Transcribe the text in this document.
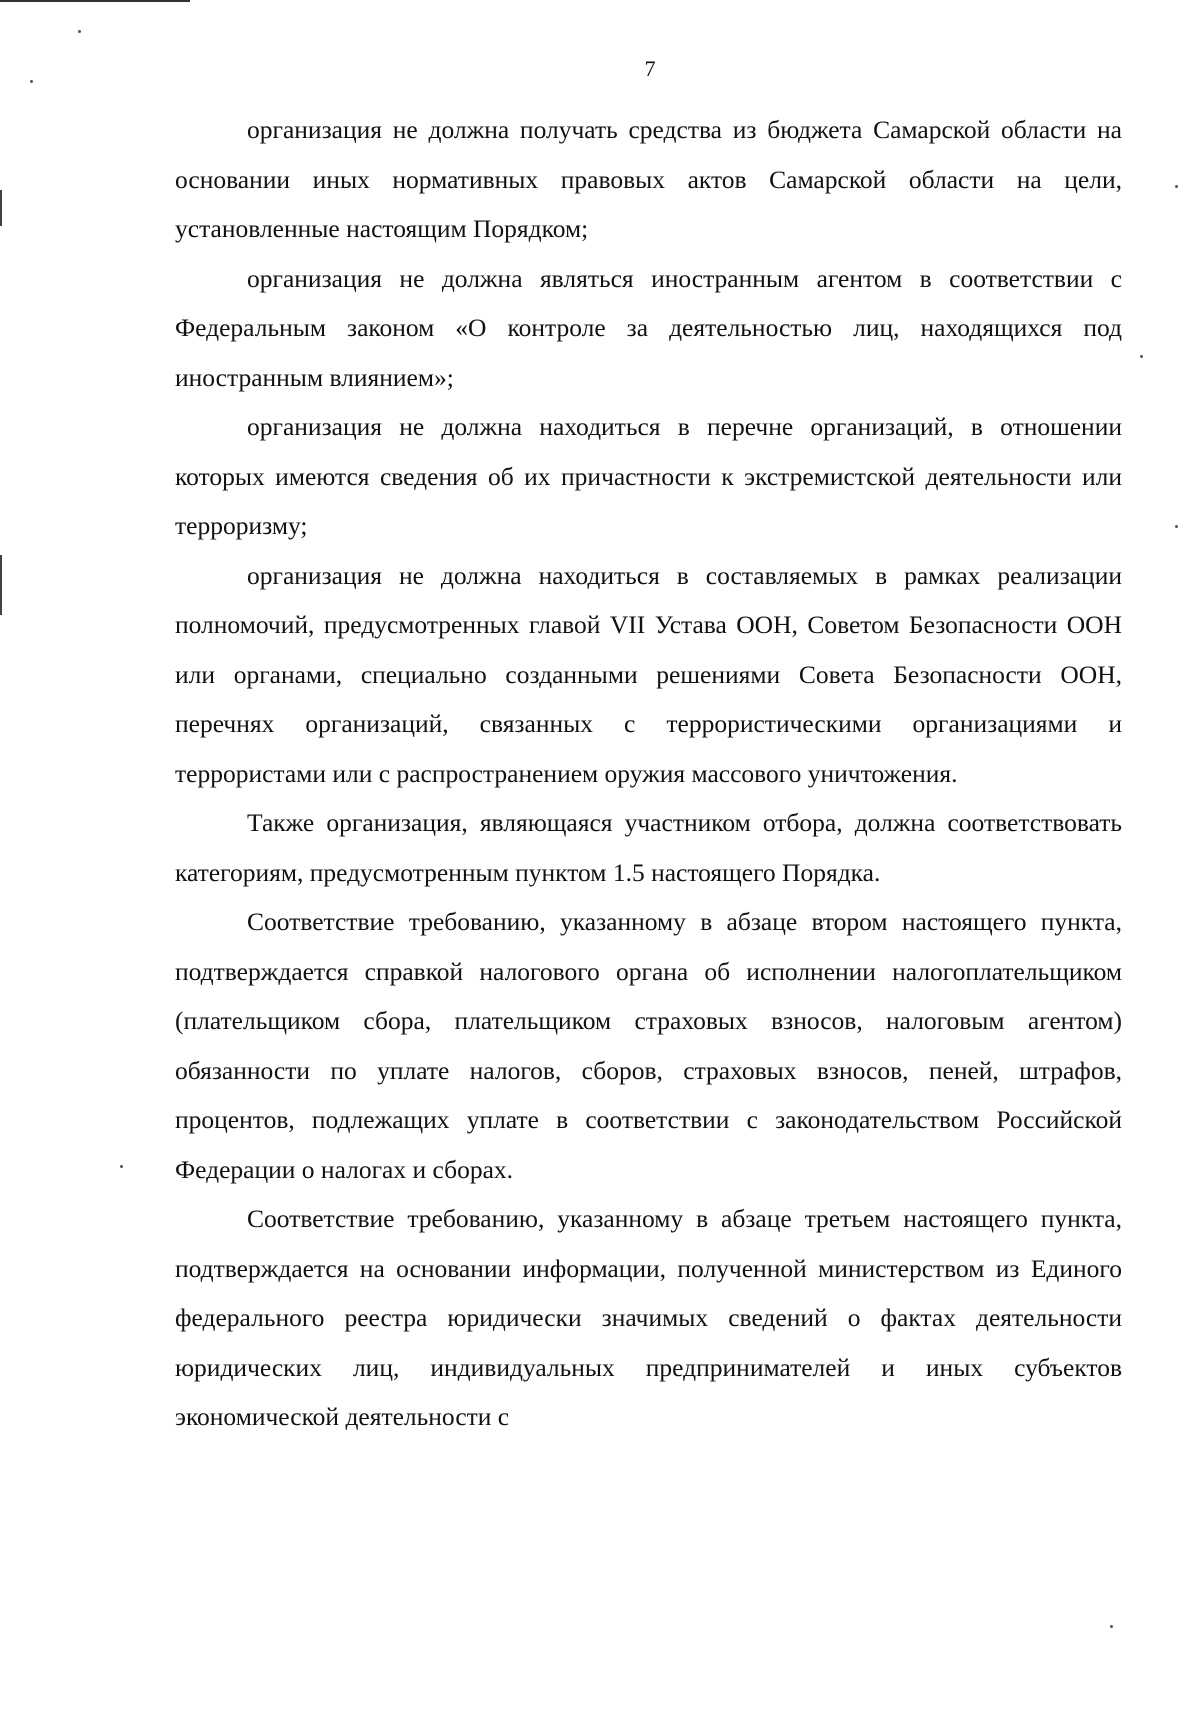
7

организация не должна получать средства из бюджета Самарской области на основании иных нормативных правовых актов Самарской области на цели, установленные настоящим Порядком;

организация не должна являться иностранным агентом в соответствии с Федеральным законом «О контроле за деятельностью лиц, находящихся под иностранным влиянием»;

организация не должна находиться в перечне организаций, в отношении которых имеются сведения об их причастности к экстремистской деятельности или терроризму;

организация не должна находиться в составляемых в рамках реализации полномочий, предусмотренных главой VII Устава ООН, Советом Безопасности ООН или органами, специально созданными решениями Совета Безопасности ООН, перечнях организаций, связанных с террористическими организациями и террористами или с распространением оружия массового уничтожения.

Также организация, являющаяся участником отбора, должна соответствовать категориям, предусмотренным пунктом 1.5 настоящего Порядка.

Соответствие требованию, указанному в абзаце втором настоящего пункта, подтверждается справкой налогового органа об исполнении налогоплательщиком (плательщиком сбора, плательщиком страховых взносов, налоговым агентом) обязанности по уплате налогов, сборов, страховых взносов, пеней, штрафов, процентов, подлежащих уплате в соответствии с законодательством Российской Федерации о налогах и сборах.

Соответствие требованию, указанному в абзаце третьем настоящего пункта, подтверждается на основании информации, полученной министерством из Единого федерального реестра юридически значимых сведений о фактах деятельности юридических лиц, индивидуальных предпринимателей и иных субъектов экономической деятельности с
